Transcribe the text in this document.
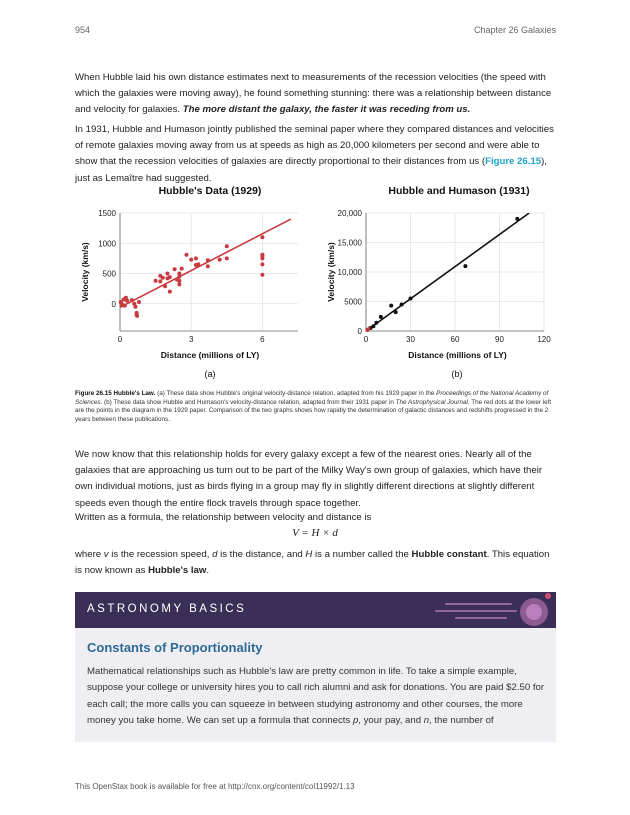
954	Chapter 26 Galaxies

When Hubble laid his own distance estimates next to measurements of the recession velocities (the speed with which the galaxies were moving away), he found something stunning: there was a relationship between distance and velocity for galaxies. The more distant the galaxy, the faster it was receding from us.

In 1931, Hubble and Humason jointly published the seminal paper where they compared distances and velocities of remote galaxies moving away from us at speeds as high as 20,000 kilometers per second and were able to show that the recession velocities of galaxies are directly proportional to their distances from us (Figure 26.15), just as Lemaître had suggested.

Hubble's Data (1929)	Hubble and Humason (1931)
0	3	6
0
500
1000
1500
Velocity (km/s)
0	30	60	90	120
0
5000
10,000
15,000
20,000
Velocity (km/s)
Distance (millions of LY)	Distance (millions of LY)
(a)	(b)

Figure 26.15 Hubble's Law. (a) These data show Hubble's original velocity-distance relation, adapted from his 1929 paper in the Proceedings of the National Academy of Sciences. (b) These data show Hubble and Humason's velocity-distance relation, adapted from their 1931 paper in The Astrophysical Journal. The red dots at the lower left are the points in the diagram in the 1929 paper. Comparison of the two graphs shows how rapidly the determination of galactic distances and redshifts progressed in the 2 years between these publications.

We now know that this relationship holds for every galaxy except a few of the nearest ones. Nearly all of the galaxies that are approaching us turn out to be part of the Milky Way's own group of galaxies, which have their own individual motions, just as birds flying in a group may fly in slightly different directions at slightly different speeds even though the entire flock travels through space together.

Written as a formula, the relationship between velocity and distance is

V = H × d

where v is the recession speed, d is the distance, and H is a number called the Hubble constant. This equation is now known as Hubble's law.

ASTRONOMY BASICS
Constants of Proportionality

Mathematical relationships such as Hubble's law are pretty common in life. To take a simple example, suppose your college or university hires you to call rich alumni and ask for donations. You are paid $2.50 for each call; the more calls you can squeeze in between studying astronomy and other courses, the more money you take home. We can set up a formula that connects p, your pay, and n, the number of

This OpenStax book is available for free at http://cnx.org/content/col11992/1.13
